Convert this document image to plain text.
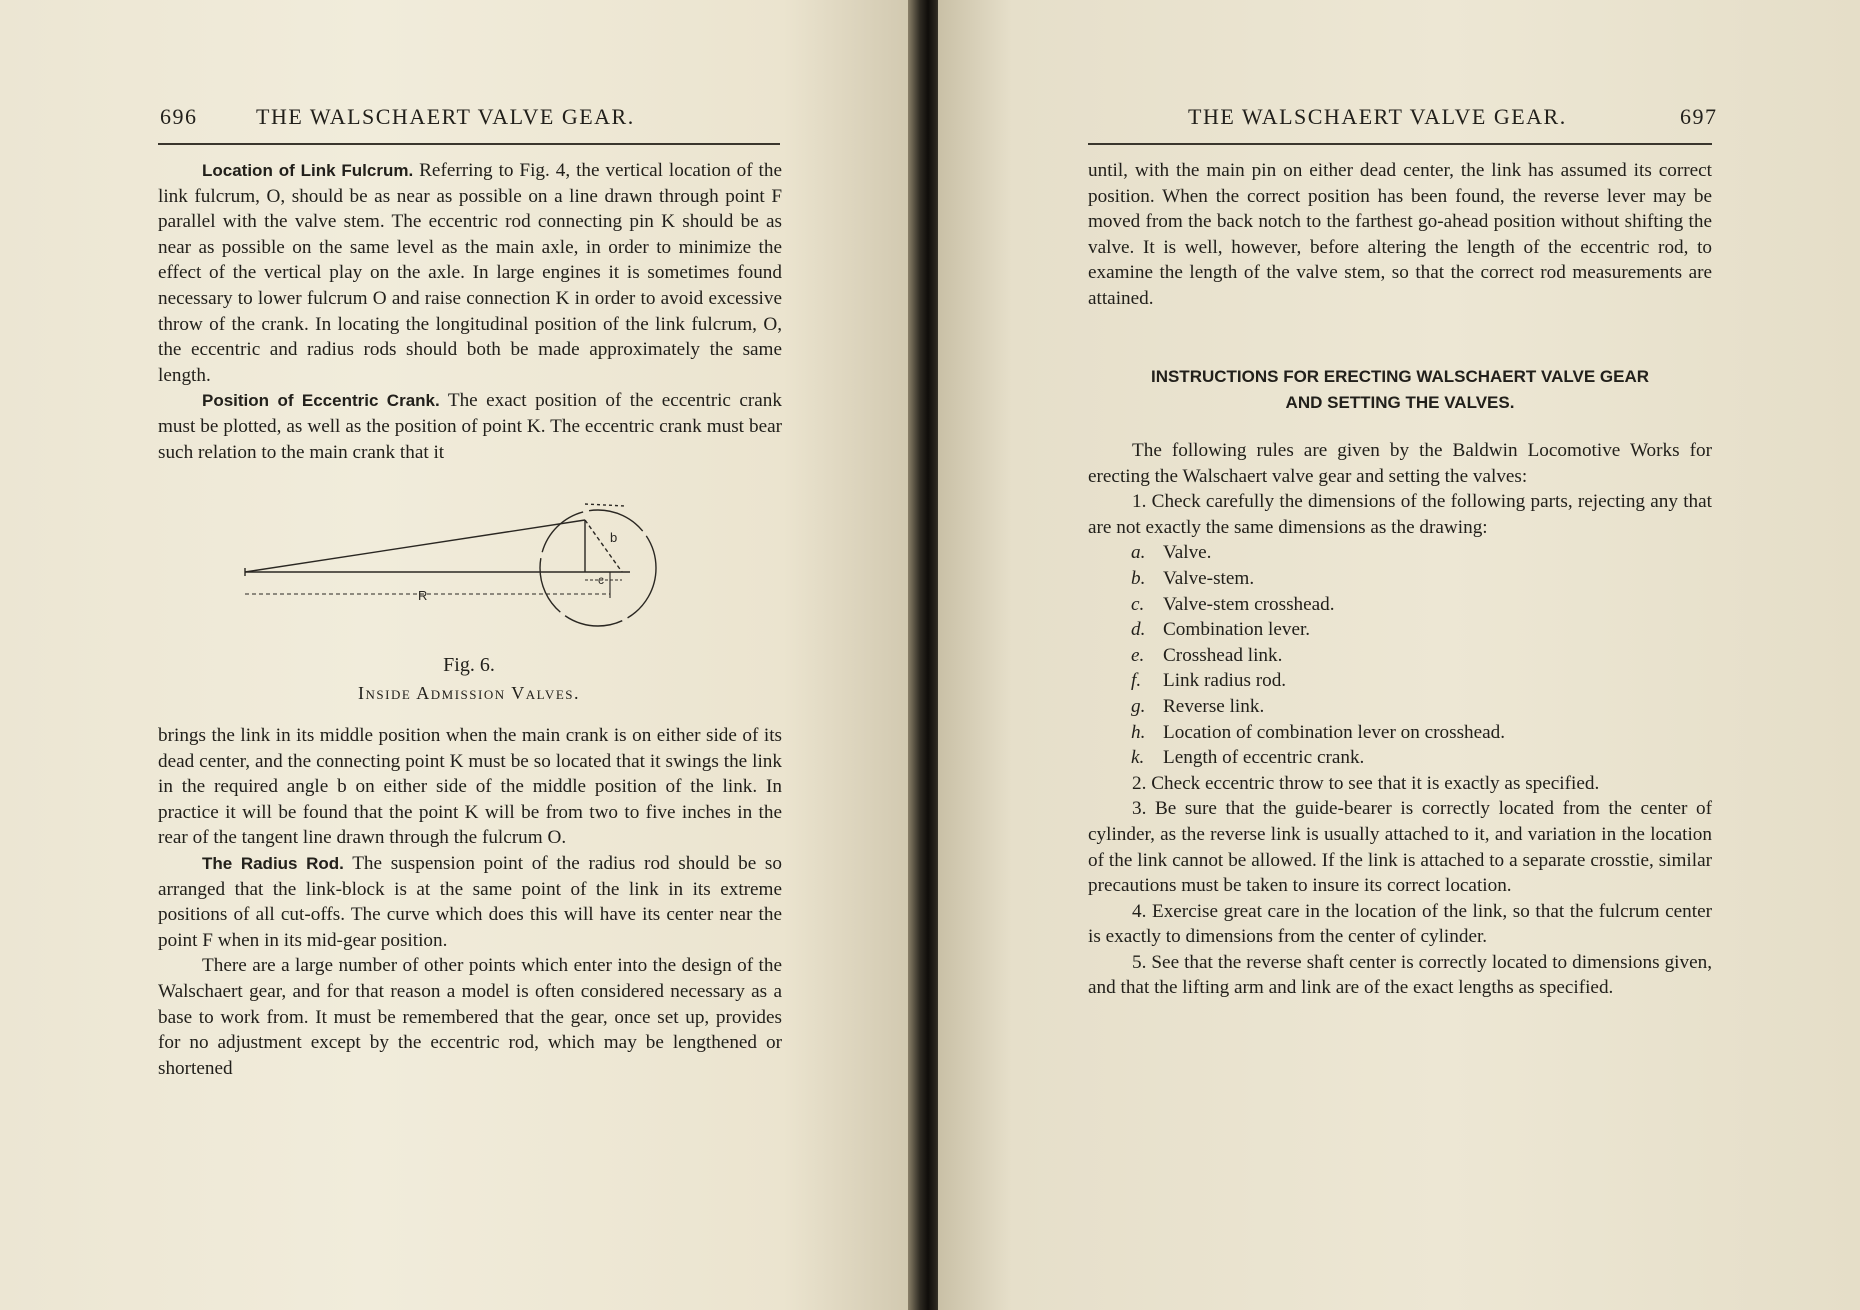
696	THE WALSCHAERT VALVE GEAR.

Location of Link Fulcrum. Referring to Fig. 4, the vertical location of the link fulcrum, O, should be as near as possible on a line drawn through point F parallel with the valve stem. The eccentric rod connecting pin K should be as near as possible on the same level as the main axle, in order to minimize the effect of the vertical play on the axle. In large engines it is sometimes found necessary to lower fulcrum O and raise connection K in order to avoid excessive throw of the crank. In locating the longitudinal position of the link fulcrum, O, the eccentric and radius rods should both be made approximately the same length.

Position of Eccentric Crank. The exact position of the eccentric crank must be plotted, as well as the position of point K. The eccentric crank must bear such relation to the main crank that it

R
c
b
Fig. 6.
Inside Admission Valves.

brings the link in its middle position when the main crank is on either side of its dead center, and the connecting point K must be so located that it swings the link in the required angle b on either side of the middle position of the link. In practice it will be found that the point K will be from two to five inches in the rear of the tangent line drawn through the fulcrum O.

The Radius Rod. The suspension point of the radius rod should be so arranged that the link-block is at the same point of the link in its extreme positions of all cut-offs. The curve which does this will have its center near the point F when in its mid-gear position.

There are a large number of other points which enter into the design of the Walschaert gear, and for that reason a model is often considered necessary as a base to work from. It must be remembered that the gear, once set up, provides for no adjustment except by the eccentric rod, which may be lengthened or shortened

THE WALSCHAERT VALVE GEAR.	697

until, with the main pin on either dead center, the link has assumed its correct position. When the correct position has been found, the reverse lever may be moved from the back notch to the farthest go-ahead position without shifting the valve. It is well, however, before altering the length of the eccentric rod, to examine the length of the valve stem, so that the correct rod measurements are attained.

INSTRUCTIONS FOR ERECTING WALSCHAERT VALVE GEAR
AND SETTING THE VALVES.

The following rules are given by the Baldwin Locomotive Works for erecting the Walschaert valve gear and setting the valves:

1. Check carefully the dimensions of the following parts, rejecting any that are not exactly the same dimensions as the drawing:

a. Valve.

b. Valve-stem.

c. Valve-stem crosshead.

d. Combination lever.

e. Crosshead link.

f. Link radius rod.

g. Reverse link.

h. Location of combination lever on crosshead.

k. Length of eccentric crank.

2. Check eccentric throw to see that it is exactly as specified.

3. Be sure that the guide-bearer is correctly located from the center of cylinder, as the reverse link is usually attached to it, and variation in the location of the link cannot be allowed. If the link is attached to a separate crosstie, similar precautions must be taken to insure its correct location.

4. Exercise great care in the location of the link, so that the fulcrum center is exactly to dimensions from the center of cylinder.

5. See that the reverse shaft center is correctly located to dimensions given, and that the lifting arm and link are of the exact lengths as specified.
